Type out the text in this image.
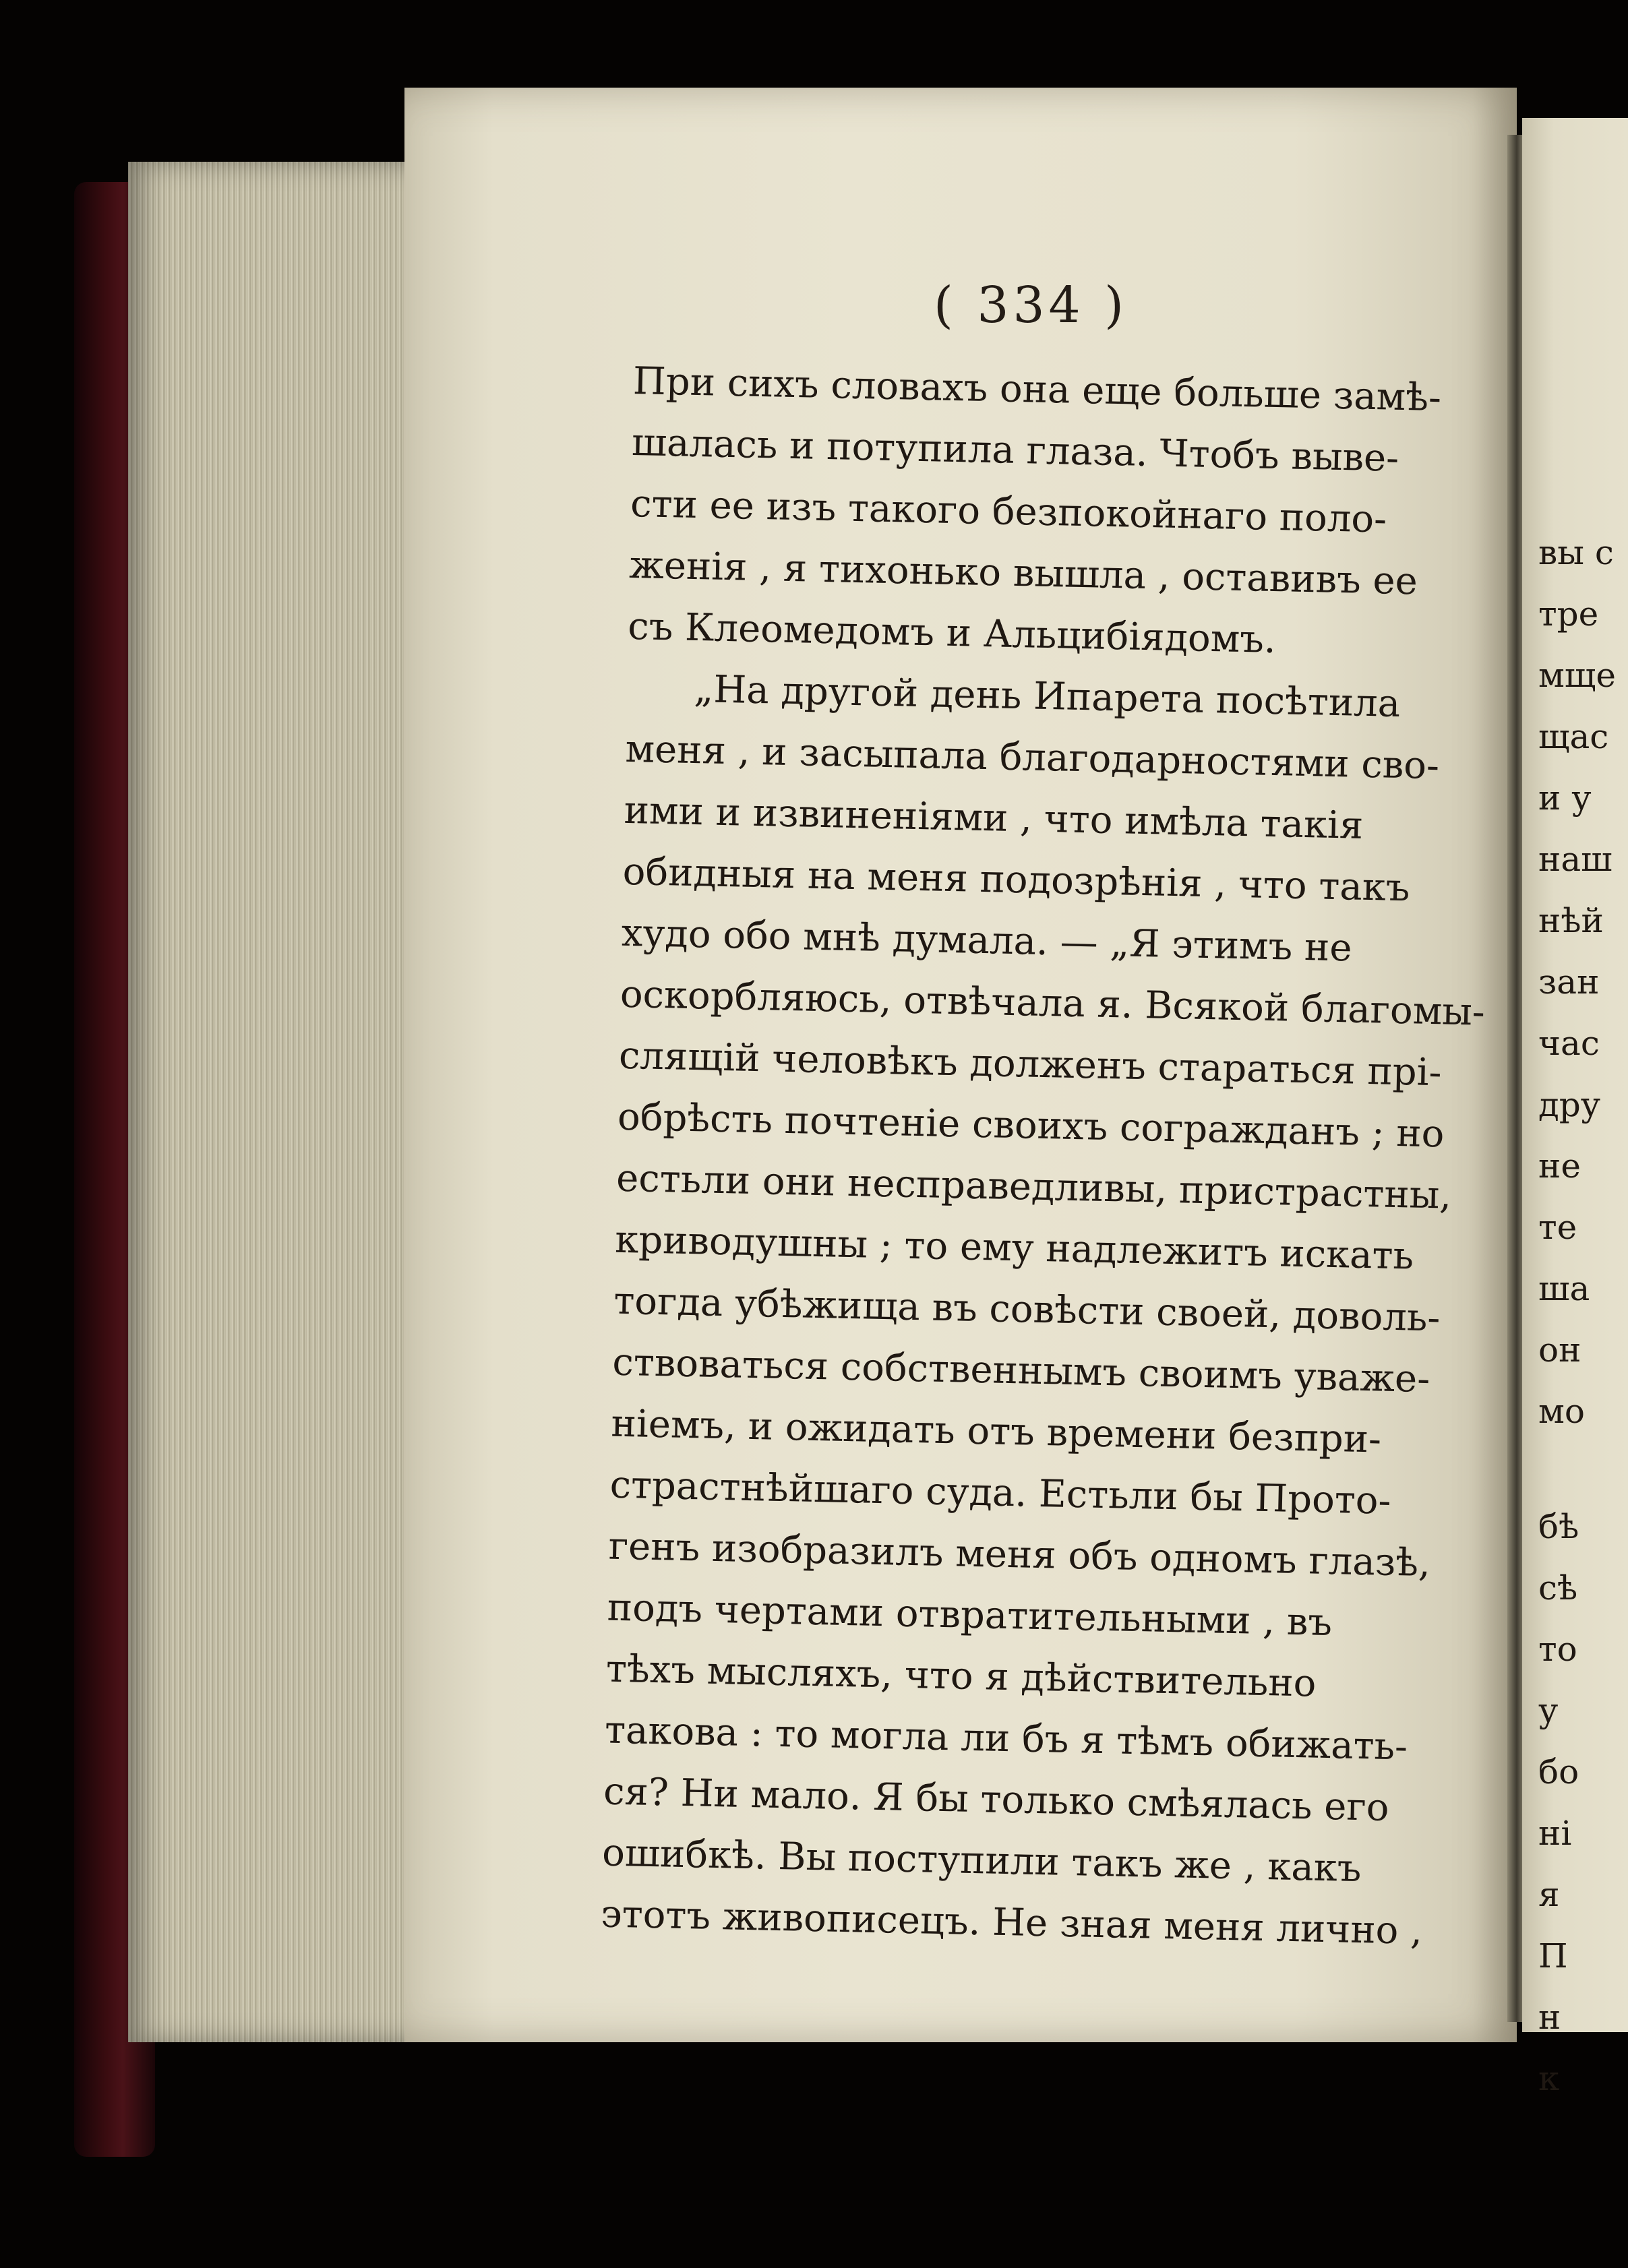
вы с
тре
мще
щас
и у
наш
нѣй
зан
час
дру
не
те
ша
он
мо
бѣ
сѣ
то
у
бо
ні
я
П
н
к
( 334 )
При сихъ словахъ она еще больше замѣ-
шалась и потупила глаза. Чтобъ выве-
сти ее изъ такого безпокойнаго поло-
женія , я тихонько вышла , оставивъ ее
съ Клеомедомъ и Альцибіядомъ.
„На другой день Ипарета посѣтила
меня , и засыпала благодарностями сво-
ими и извиненіями , что имѣла такія
обидныя на меня подозрѣнія , что такъ
худо обо мнѣ думала. — „Я этимъ не
оскорбляюсь, отвѣчала я. Всякой благомы-
слящій человѣкъ долженъ стараться прі-
обрѣсть почтеніе своихъ согражданъ ; но
естьли они несправедливы, пристрастны,
криводушны ; то ему надлежитъ искать
тогда убѣжища въ совѣсти своей, доволь-
ствоваться собственнымъ своимъ уваже-
ніемъ, и ожидать отъ времени безпри-
страстнѣйшаго суда. Естьли бы Прото-
генъ изобразилъ меня объ одномъ глазѣ,
подъ чертами отвратительными , въ
тѣхъ мысляхъ, что я дѣйствительно
такова : то могла ли бъ я тѣмъ обижать-
ся? Ни мало. Я бы только смѣялась его
ошибкѣ. Вы поступили такъ же , какъ
этотъ живописецъ. Не зная меня лично ,
